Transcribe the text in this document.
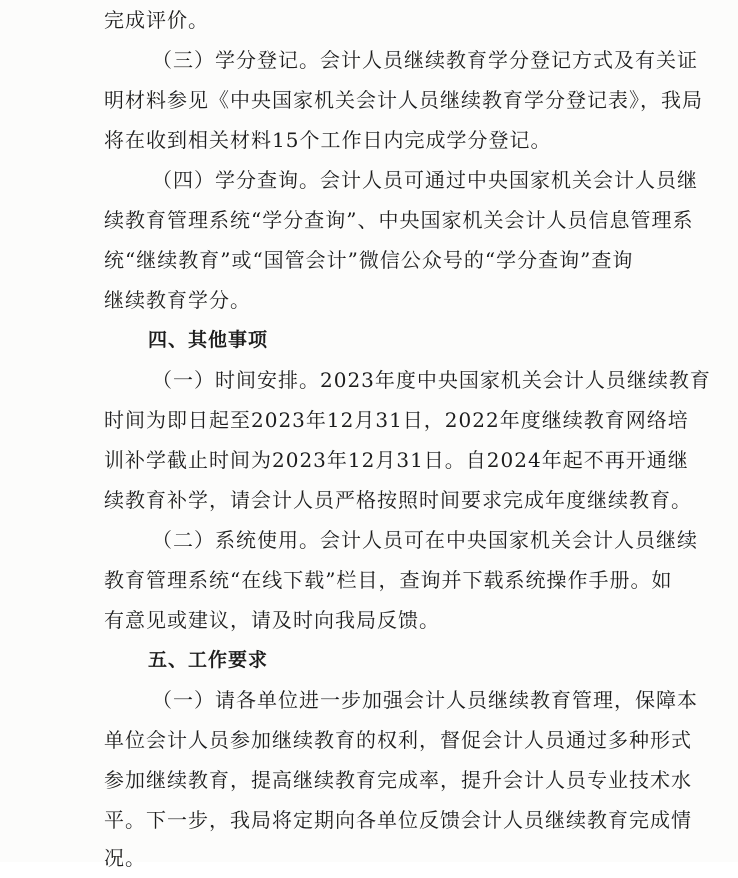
完成评价。
（三）学分登记。会计人员继续教育学分登记方式及有关证
明材料参见《中央国家机关会计人员继续教育学分登记表》，我局
将在收到相关材料15个工作日内完成学分登记。
（四）学分查询。会计人员可通过中央国家机关会计人员继
续教育管理系统“学分查询”、中央国家机关会计人员信息管理系
统“继续教育”或“国管会计”微信公众号的“学分查询”查询
继续教育学分。
四、其他事项
（一）时间安排。2023年度中央国家机关会计人员继续教育
时间为即日起至2023年12月31日，2022年度继续教育网络培
训补学截止时间为2023年12月31日。自2024年起不再开通继
续教育补学，请会计人员严格按照时间要求完成年度继续教育。
（二）系统使用。会计人员可在中央国家机关会计人员继续
教育管理系统“在线下载”栏目，查询并下载系统操作手册。如
有意见或建议，请及时向我局反馈。
五、工作要求
（一）请各单位进一步加强会计人员继续教育管理，保障本
单位会计人员参加继续教育的权利，督促会计人员通过多种形式
参加继续教育，提高继续教育完成率，提升会计人员专业技术水
平。下一步，我局将定期向各单位反馈会计人员继续教育完成情
况。
